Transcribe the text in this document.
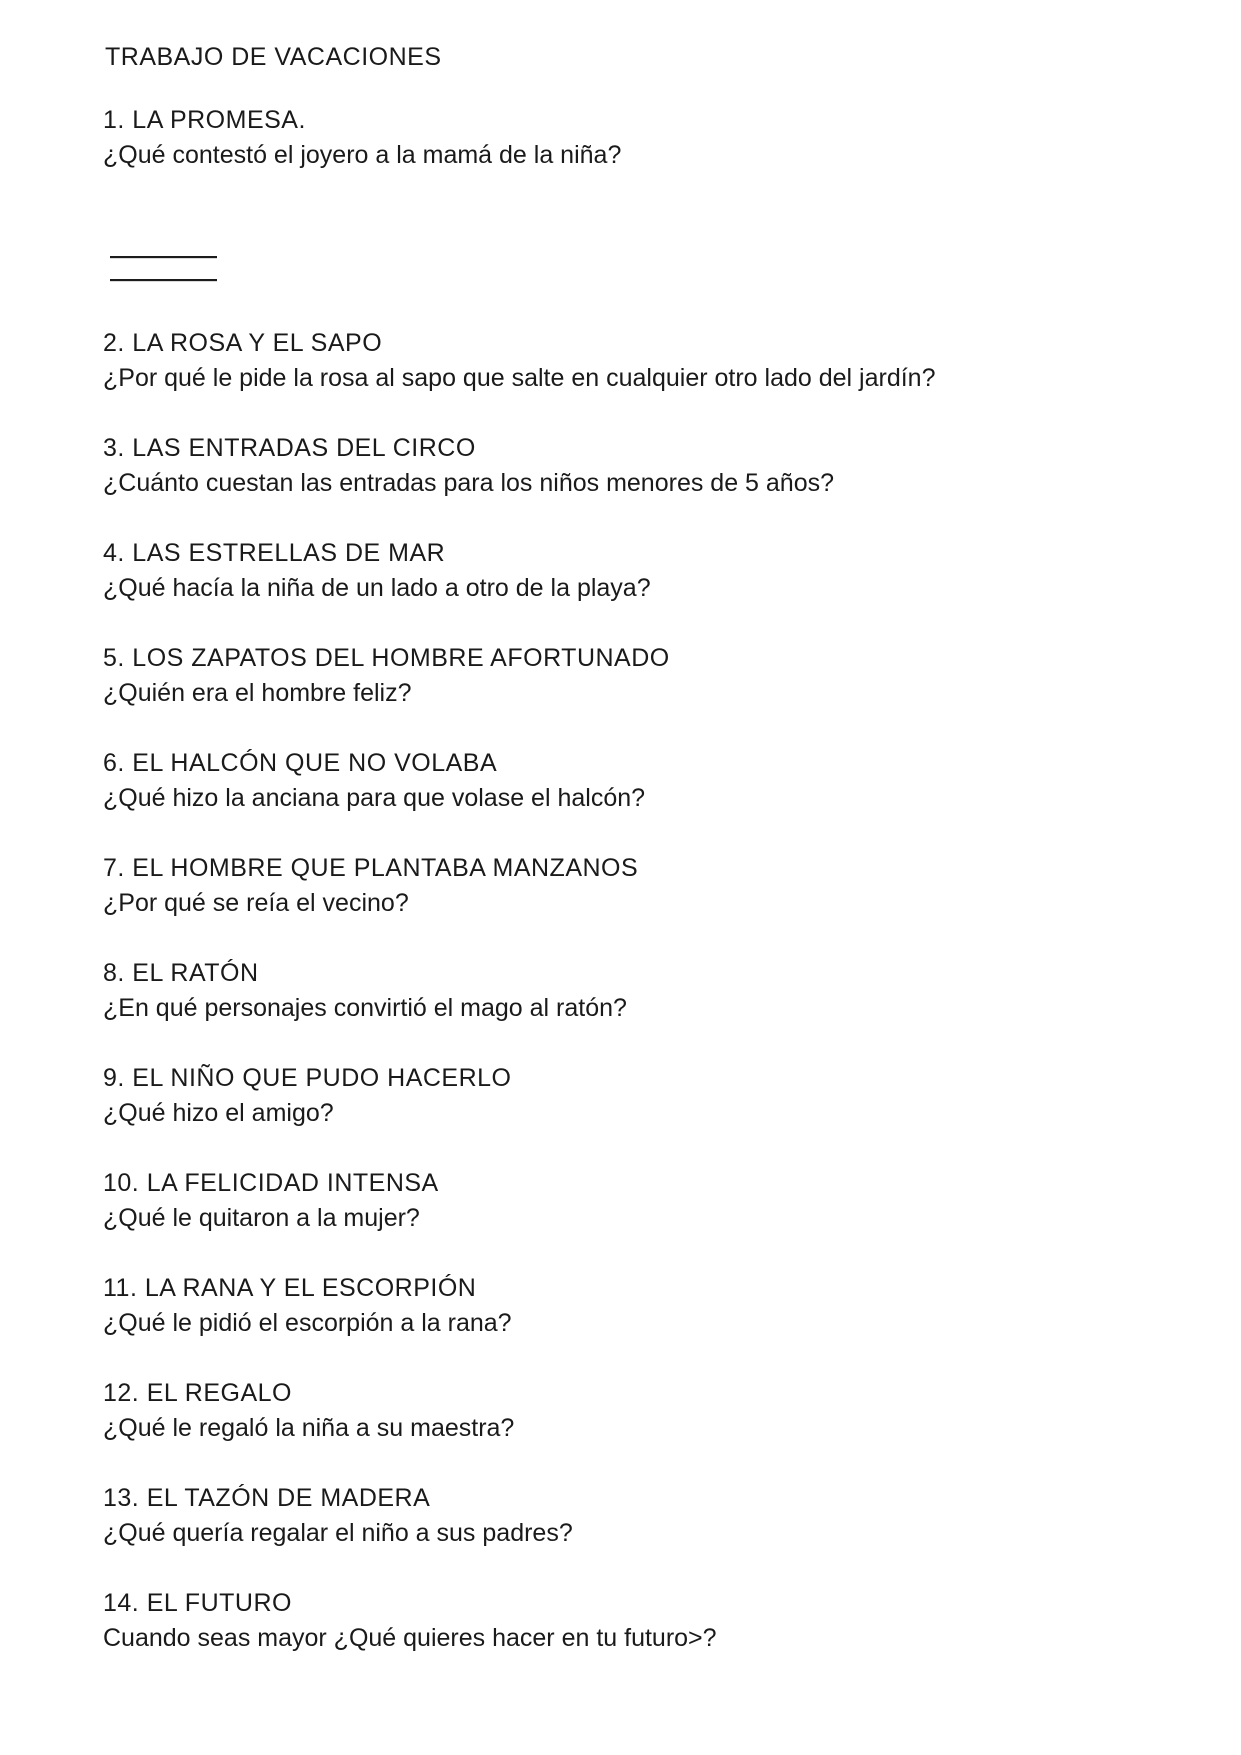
TRABAJO DE VACACIONES

1. LA PROMESA.

¿Qué contestó el joyero a la mamá de la niña?

2. LA ROSA Y EL SAPO

¿Por qué le pide la rosa al sapo que salte en cualquier otro lado del jardín?

3. LAS ENTRADAS DEL CIRCO

¿Cuánto cuestan las entradas para los niños menores de 5 años?

4. LAS ESTRELLAS DE MAR

¿Qué hacía la niña de un lado a otro de la playa?

5. LOS ZAPATOS DEL HOMBRE AFORTUNADO

¿Quién era el hombre feliz?

6. EL HALCÓN QUE NO VOLABA

¿Qué hizo la anciana para que volase el halcón?

7. EL HOMBRE QUE PLANTABA MANZANOS

¿Por qué se reía el vecino?

8. EL RATÓN

¿En qué personajes convirtió el mago al ratón?

9. EL NIÑO QUE PUDO HACERLO

¿Qué hizo el amigo?

10. LA FELICIDAD INTENSA

¿Qué le quitaron a la mujer?

11. LA RANA Y EL ESCORPIÓN

¿Qué le pidió el escorpión a la rana?

12. EL REGALO

¿Qué le regaló la niña a su maestra?

13. EL TAZÓN DE MADERA

¿Qué quería regalar el niño a sus padres?

14. EL FUTURO

Cuando seas mayor ¿Qué quieres hacer en tu futuro>?
